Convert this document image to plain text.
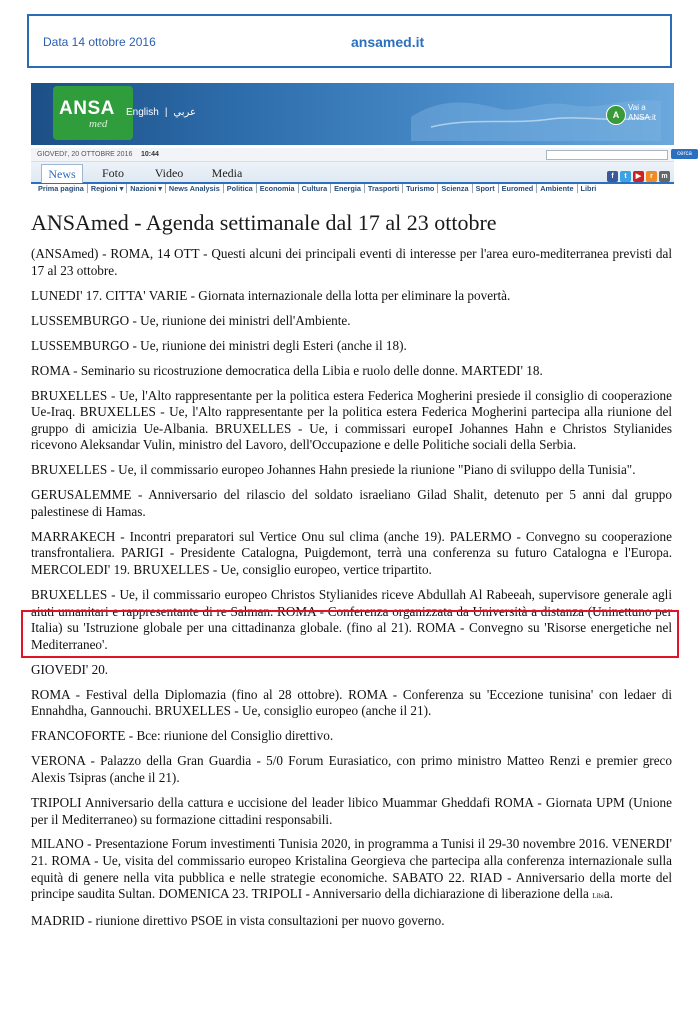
Data 14 ottobre 2016	ansamed.it
ANSA
med
English | عربي	A
Vai a
ANSA.it
GIOVEDI', 20 OTTOBRE 2016 10:44	cerca
News	Foto	Video	Media	f t ▶ r m
Prima pagina Regioni ▾ Nazioni ▾ News Analysis Politica Economia Cultura Energia Trasporti Turismo Scienza Sport Euromed Ambiente Libri
ANSAmed - Agenda settimanale dal 17 al 23 ottobre

(ANSAmed) - ROMA, 14 OTT - Questi alcuni dei principali eventi di interesse per l'area euro-mediterranea previsti dal 17 al 23 ottobre.

LUNEDI' 17. CITTA' VARIE - Giornata internazionale della lotta per eliminare la povertà.

LUSSEMBURGO - Ue, riunione dei ministri dell'Ambiente.

LUSSEMBURGO - Ue, riunione dei ministri degli Esteri (anche il 18).

ROMA - Seminario su ricostruzione democratica della Libia e ruolo delle donne. MARTEDI' 18.

BRUXELLES - Ue, l'Alto rappresentante per la politica estera Federica Mogherini presiede il consiglio di cooperazione Ue-Iraq. BRUXELLES - Ue, l'Alto rappresentante per la politica estera Federica Mogherini partecipa alla riunione del gruppo di amicizia Ue-Albania. BRUXELLES - Ue, i commissari europeI Johannes Hahn e Christos Stylianides ricevono Aleksandar Vulin, ministro del Lavoro, dell'Occupazione e delle Politiche sociali della Serbia.

BRUXELLES - Ue, il commissario europeo Johannes Hahn presiede la riunione "Piano di sviluppo della Tunisia".

GERUSALEMME - Anniversario del rilascio del soldato israeliano Gilad Shalit, detenuto per 5 anni dal gruppo palestinese di Hamas.

MARRAKECH - Incontri preparatori sul Vertice Onu sul clima (anche 19). PALERMO - Convegno su cooperazione transfrontaliera. PARIGI - Presidente Catalogna, Puigdemont, terrà una conferenza su futuro Catalogna e l'Europa. MERCOLEDI' 19. BRUXELLES - Ue, consiglio europeo, vertice tripartito.

BRUXELLES - Ue, il commissario europeo Christos Stylianides riceve Abdullah Al Rabeeah, supervisore generale agli aiuti umanitari e rappresentante di re Salman. ROMA - Conferenza organizzata da Università a distanza (Uninettuno per Italia) su 'Istruzione globale per una cittadinanza globale. (fino al 21). ROMA - Convegno su 'Risorse energetiche nel Mediterraneo'.

GIOVEDI' 20.

ROMA - Festival della Diplomazia (fino al 28 ottobre). ROMA - Conferenza su 'Eccezione tunisina' con ledaer di Ennahdha, Gannouchi. BRUXELLES - Ue, consiglio europeo (anche il 21).

FRANCOFORTE - Bce: riunione del Consiglio direttivo.

VERONA - Palazzo della Gran Guardia - 5/0 Forum Eurasiatico, con primo ministro Matteo Renzi e premier greco Alexis Tsipras (anche il 21).

TRIPOLI Anniversario della cattura e uccisione del leader libico Muammar Gheddafi ROMA - Giornata UPM (Unione per il Mediterraneo) su formazione cittadini responsabili.

MILANO - Presentazione Forum investimenti Tunisia 2020, in programma a Tunisi il 29-30 novembre 2016. VENERDI' 21. ROMA - Ue, visita del commissario europeo Kristalina Georgieva che partecipa alla conferenza internazionale sulla equità di genere nella vita pubblica e nelle strategie economiche. SABATO 22. RIAD - Anniversario della morte del principe saudita Sultan. DOMENICA 23. TRIPOLI - Anniversario della dichiarazione di liberazione della Libia.

MADRID - riunione direttivo PSOE in vista consultazioni per nuovo governo.
